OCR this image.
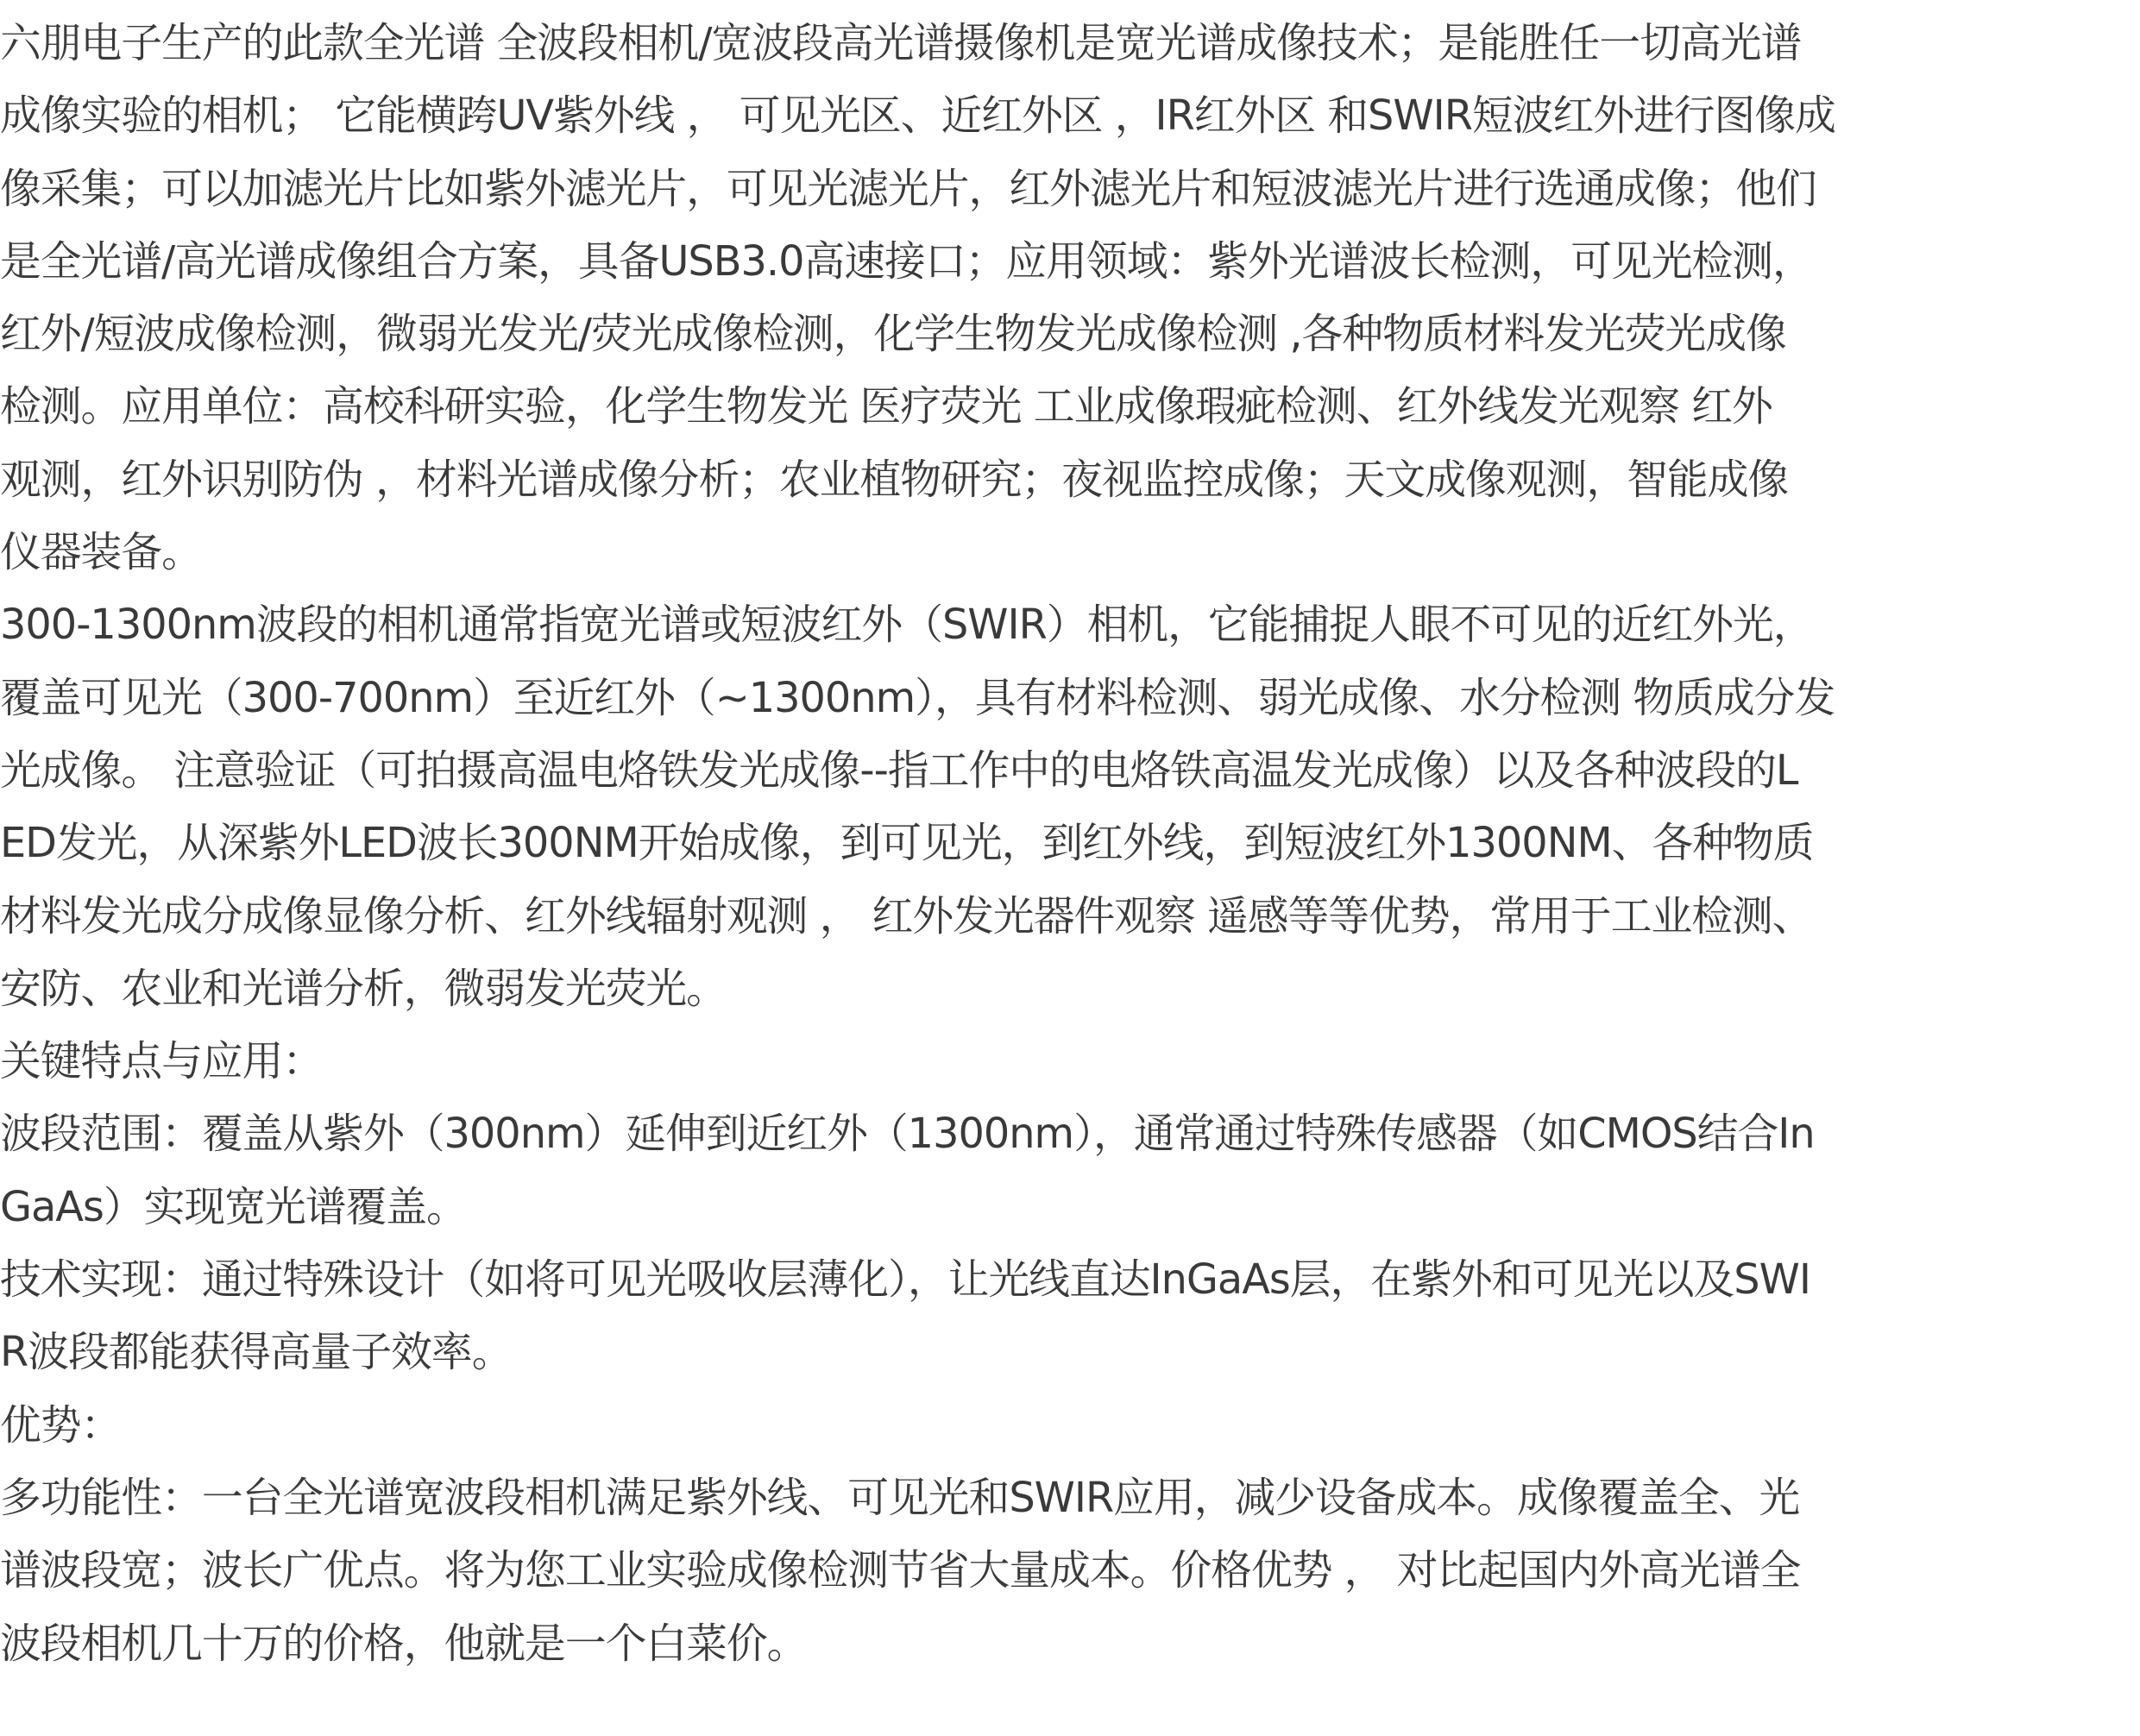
六朋电子生产的此款全光谱 全波段相机/宽波段高光谱摄像机是宽光谱成像技术；是能胜任一切高光谱
成像实验的相机； 它能横跨UV紫外线 ， 可见光区、近红外区 ，IR红外区 和SWIR短波红外进行图像成
像采集；可以加滤光片比如紫外滤光片，可见光滤光片，红外滤光片和短波滤光片进行选通成像；他们
是全光谱/高光谱成像组合方案，具备USB3.0高速接口；应用领域：紫外光谱波长检测，可见光检测，
红外/短波成像检测，微弱光发光/荧光成像检测，化学生物发光成像检测 ,各种物质材料发光荧光成像
检测。应用单位：高校科研实验，化学生物发光 医疗荧光 工业成像瑕疵检测、红外线发光观察 红外
观测，红外识别防伪 ，材料光谱成像分析；农业植物研究；夜视监控成像；天文成像观测，智能成像
仪器装备。
300-1300nm波段的相机通常指宽光谱或短波红外（SWIR）相机，它能捕捉人眼不可见的近红外光，
覆盖可见光（300-700nm）至近红外（~1300nm），具有材料检测、弱光成像、水分检测 物质成分发
光成像。 注意验证（可拍摄高温电烙铁发光成像--指工作中的电烙铁高温发光成像）以及各种波段的L
ED发光，从深紫外LED波长300NM开始成像，到可见光，到红外线，到短波红外1300NM、各种物质
材料发光成分成像显像分析、红外线辐射观测 ， 红外发光器件观察 遥感等等优势，常用于工业检测、
安防、农业和光谱分析，微弱发光荧光。
关键特点与应用：
波段范围：覆盖从紫外（300nm）延伸到近红外（1300nm），通常通过特殊传感器（如CMOS结合In
GaAs）实现宽光谱覆盖。
技术实现：通过特殊设计（如将可见光吸收层薄化），让光线直达InGaAs层，在紫外和可见光以及SWI
R波段都能获得高量子效率。
优势：
多功能性：一台全光谱宽波段相机满足紫外线、可见光和SWIR应用，减少设备成本。成像覆盖全、光
谱波段宽；波长广优点。将为您工业实验成像检测节省大量成本。价格优势 ， 对比起国内外高光谱全
波段相机几十万的价格，他就是一个白菜价。
